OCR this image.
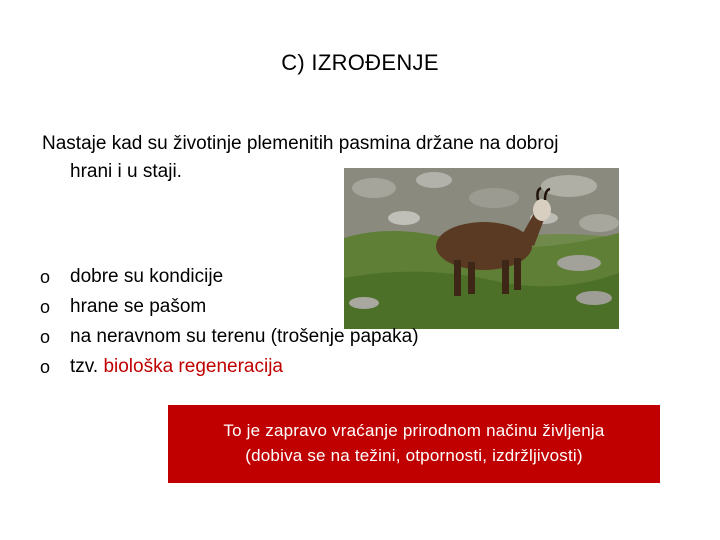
C) IZROĐENJE
Nastaje kad su životinje plemenitih pasmina držane na dobroj
hrani i u staji.
o	dobre su kondicije
o	hrane se pašom
o	na neravnom su terenu (trošenje papaka)
o	tzv. biološka regeneracija
To je zapravo vraćanje prirodnom načinu življenja
(dobiva se na težini, otpornosti, izdržljivosti)
